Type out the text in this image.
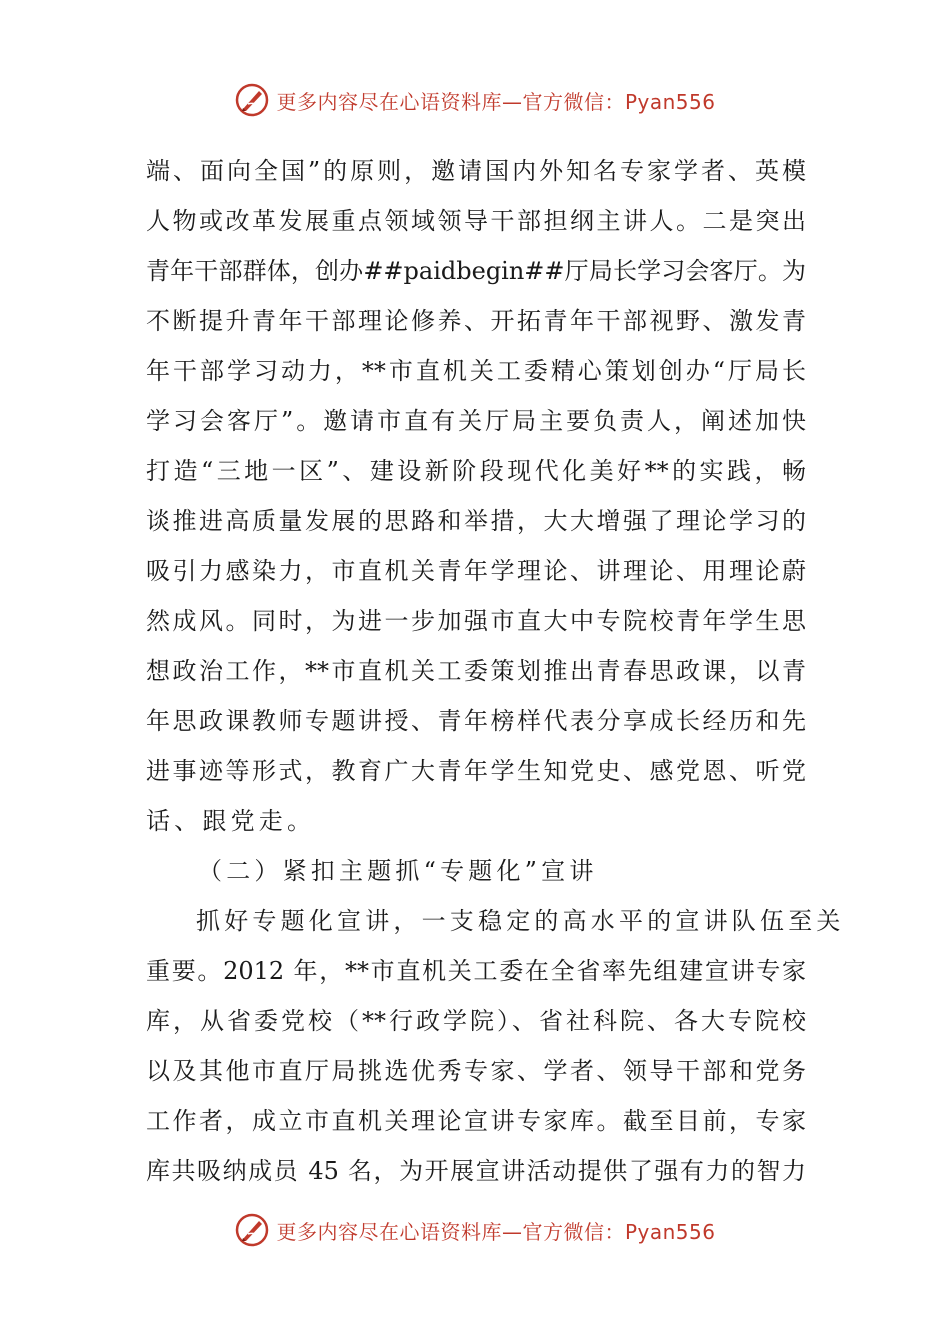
更多内容尽在心语资料库—官方微信：Pyan556
端、面向全国”的原则，邀请国内外知名专家学者、英模
人物或改革发展重点领域领导干部担纲主讲人。二是突出
青年干部群体，创办##paidbegin##厅局长学习会客厅。为
不断提升青年干部理论修养、开拓青年干部视野、激发青
年干部学习动力，**市直机关工委精心策划创办“厅局长
学习会客厅”。邀请市直有关厅局主要负责人，阐述加快
打造“三地一区”、建设新阶段现代化美好**的实践，畅
谈推进高质量发展的思路和举措，大大增强了理论学习的
吸引力感染力，市直机关青年学理论、讲理论、用理论蔚
然成风。同时，为进一步加强市直大中专院校青年学生思
想政治工作，**市直机关工委策划推出青春思政课，以青
年思政课教师专题讲授、青年榜样代表分享成长经历和先
进事迹等形式，教育广大青年学生知党史、感党恩、听党
话、跟党走。
（二）紧扣主题抓“专题化”宣讲
抓好专题化宣讲，一支稳定的高水平的宣讲队伍至关
重要。2012 年，**市直机关工委在全省率先组建宣讲专家
库，从省委党校（**行政学院）、省社科院、各大专院校
以及其他市直厅局挑选优秀专家、学者、领导干部和党务
工作者，成立市直机关理论宣讲专家库。截至目前，专家
库共吸纳成员 45 名，为开展宣讲活动提供了强有力的智力
更多内容尽在心语资料库—官方微信：Pyan556
